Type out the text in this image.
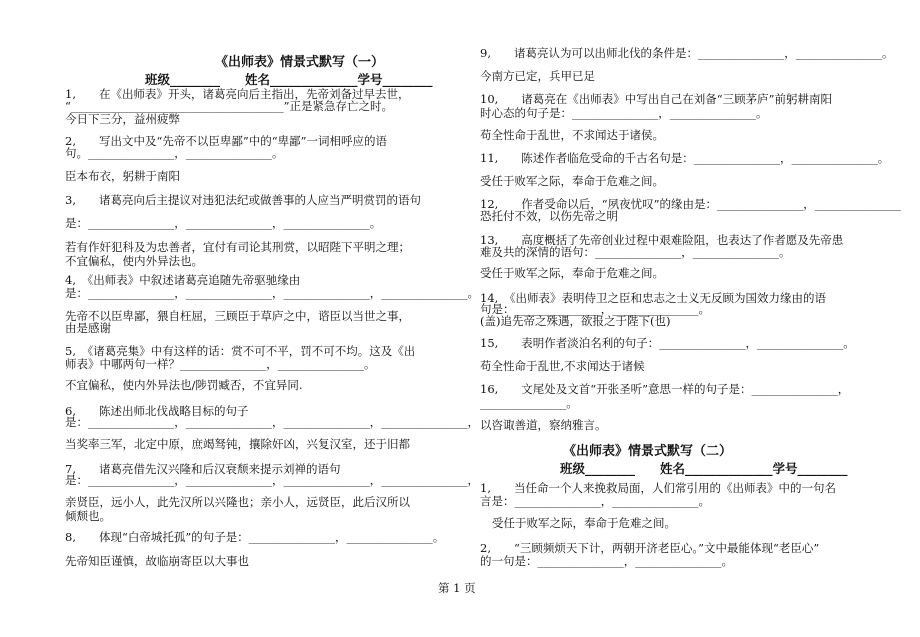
《出师表》情景式默写（一）
班级________　　姓名______________学号________
1,　　在《出师表》开头，诸葛亮向后主指出，先帝刘备过早去世，
“_____________________________________”正是紧急存亡之时。
今日下三分，益州疲弊
2,　　写出文中及“先帝不以臣卑鄙”中的“卑鄙”一词相呼应的语
句。_______________，_______________。
臣本布衣，躬耕于南阳
3,　　诸葛亮向后主提议对违犯法纪或做善事的人应当严明赏罚的语句
是：_______________，_______________，_______________。
若有作奸犯科及为忠善者，宜付有司论其刑赏，以昭陛下平明之理；
不宜偏私，使内外异法也。
4,　《出师表》中叙述诸葛亮追随先帝驱驰缘由
是：_______________，_______________，_______________，_______________。
先帝不以臣卑鄙，猥自枉屈，三顾臣于草庐之中，谘臣以当世之事，
由是感谢
5,　《诸葛亮集》中有这样的话：赏不可不平，罚不可不均。这及《出
师表》中哪两句一样？_______________，_______________。
不宜偏私，使内外异法也/陟罚臧否，不宜异同.
6,　　陈述出师北伐战略目标的句子
是：_______________，_______________，_______________，_______________，
当奖率三军，北定中原，庶竭驽钝，攘除奸凶，兴复汉室，还于旧都
7,　　诸葛亮借先汉兴隆和后汉衰颓来提示刘禅的语句
是：_______________，_______________，_______________，_______________，
亲贤臣，远小人，此先汉所以兴隆也；亲小人，远贤臣，此后汉所以
倾颓也。
8,　　体现“白帝城托孤”的句子是：_______________，_______________。
先帝知臣谨慎，故临崩寄臣以大事也
9,　　诸葛亮认为可以出师北伐的条件是：_______________，_______________。
今南方已定，兵甲已足
10,　　诸葛亮在《出师表》中写出自己在刘备“三顾茅庐”前躬耕南阳
时心态的句子是：_______________，_______________。
苟全性命于乱世，不求闻达于诸侯。
11,　　陈述作者临危受命的千古名句是：_______________，_______________。
受任于败军之际，奉命于危难之间。
12,　　作者受命以后，“夙夜忧叹”的缘由是：_______________，_______________
恐托付不效，以伤先帝之明
13,　　高度概括了先帝创业过程中艰难险阻，也表达了作者愿及先帝患
难及共的深情的语句：_______________，_______________。
受任于败军之际，奉命于危难之间。
14,　《出师表》表明侍卫之臣和忠志之士义无反顾为国效力缘由的语
句是：_______________，_______________。
(盖)追先帝之殊遇，欲报之于陛下(也)
15,　　表明作者淡泊名利的句子：_______________，_______________。
苟全性命于乱世,不求闻达于诸候
16,　　文尾处及文首“开张圣听”意思一样的句子是：_______________，
_______________。
以咨诹善道，察纳雅言。
《出师表》情景式默写（二）
班级________　　姓名______________学号________
1,　　当任命一个人来挽救局面，人们常引用的《出师表》中的一句名
言是：_______________，_______________。
受任于败军之际，奉命于危难之间。
2,　　“三顾频烦天下计，两朝开济老臣心。”文中最能体现“老臣心”
的一句是：_______________，_______________。
第 1 页
